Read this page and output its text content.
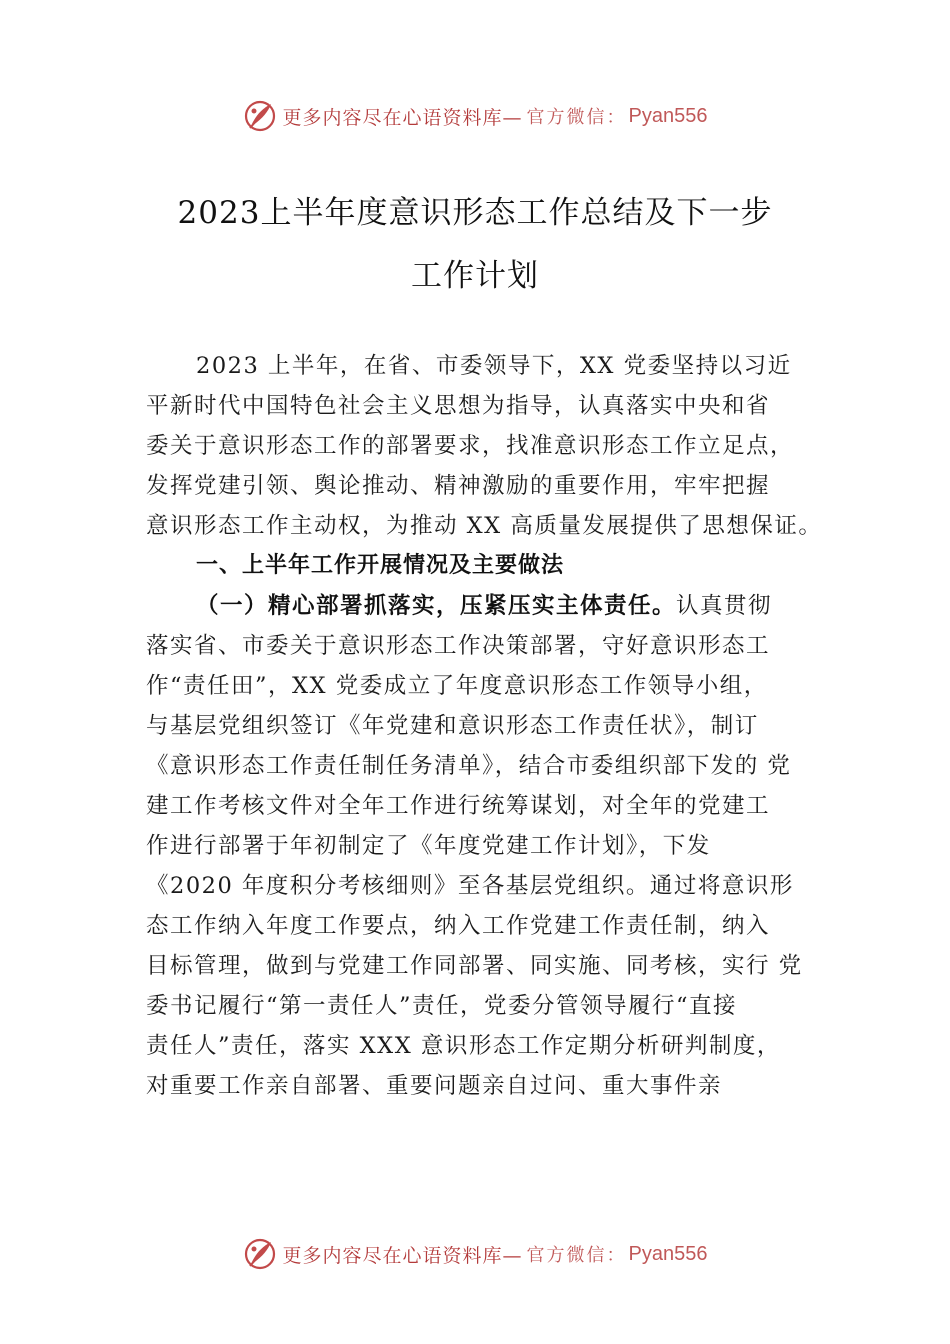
更多内容尽在心语资料库— 官方微信： Pyan556
2023上半年度意识形态工作总结及下一步
工作计划
2023 上半年，在省、市委领导下，XX 党委坚持以习近
平新时代中国特色社会主义思想为指导，认真落实中央和省
委关于意识形态工作的部署要求，找准意识形态工作立足点，
发挥党建引领、舆论推动、精神激励的重要作用，牢牢把握
意识形态工作主动权，为推动 XX 高质量发展提供了思想保证。
一、上半年工作开展情况及主要做法
（一）精心部署抓落实，压紧压实主体责任。认真贯彻
落实省、市委关于意识形态工作决策部署，守好意识形态工
作“责任田”，XX 党委成立了年度意识形态工作领导小组，
与基层党组织签订《年党建和意识形态工作责任状》，制订
《意识形态工作责任制任务清单》，结合市委组织部下发的 党
建工作考核文件对全年工作进行统筹谋划，对全年的党建工
作进行部署于年初制定了《年度党建工作计划》，下发
《2020 年度积分考核细则》至各基层党组织。通过将意识形
态工作纳入年度工作要点，纳入工作党建工作责任制，纳入
目标管理，做到与党建工作同部署、同实施、同考核，实行 党
委书记履行“第一责任人”责任，党委分管领导履行“直接
责任人”责任，落实 XXX 意识形态工作定期分析研判制度，
对重要工作亲自部署、重要问题亲自过问、重大事件亲
更多内容尽在心语资料库— 官方微信： Pyan556
